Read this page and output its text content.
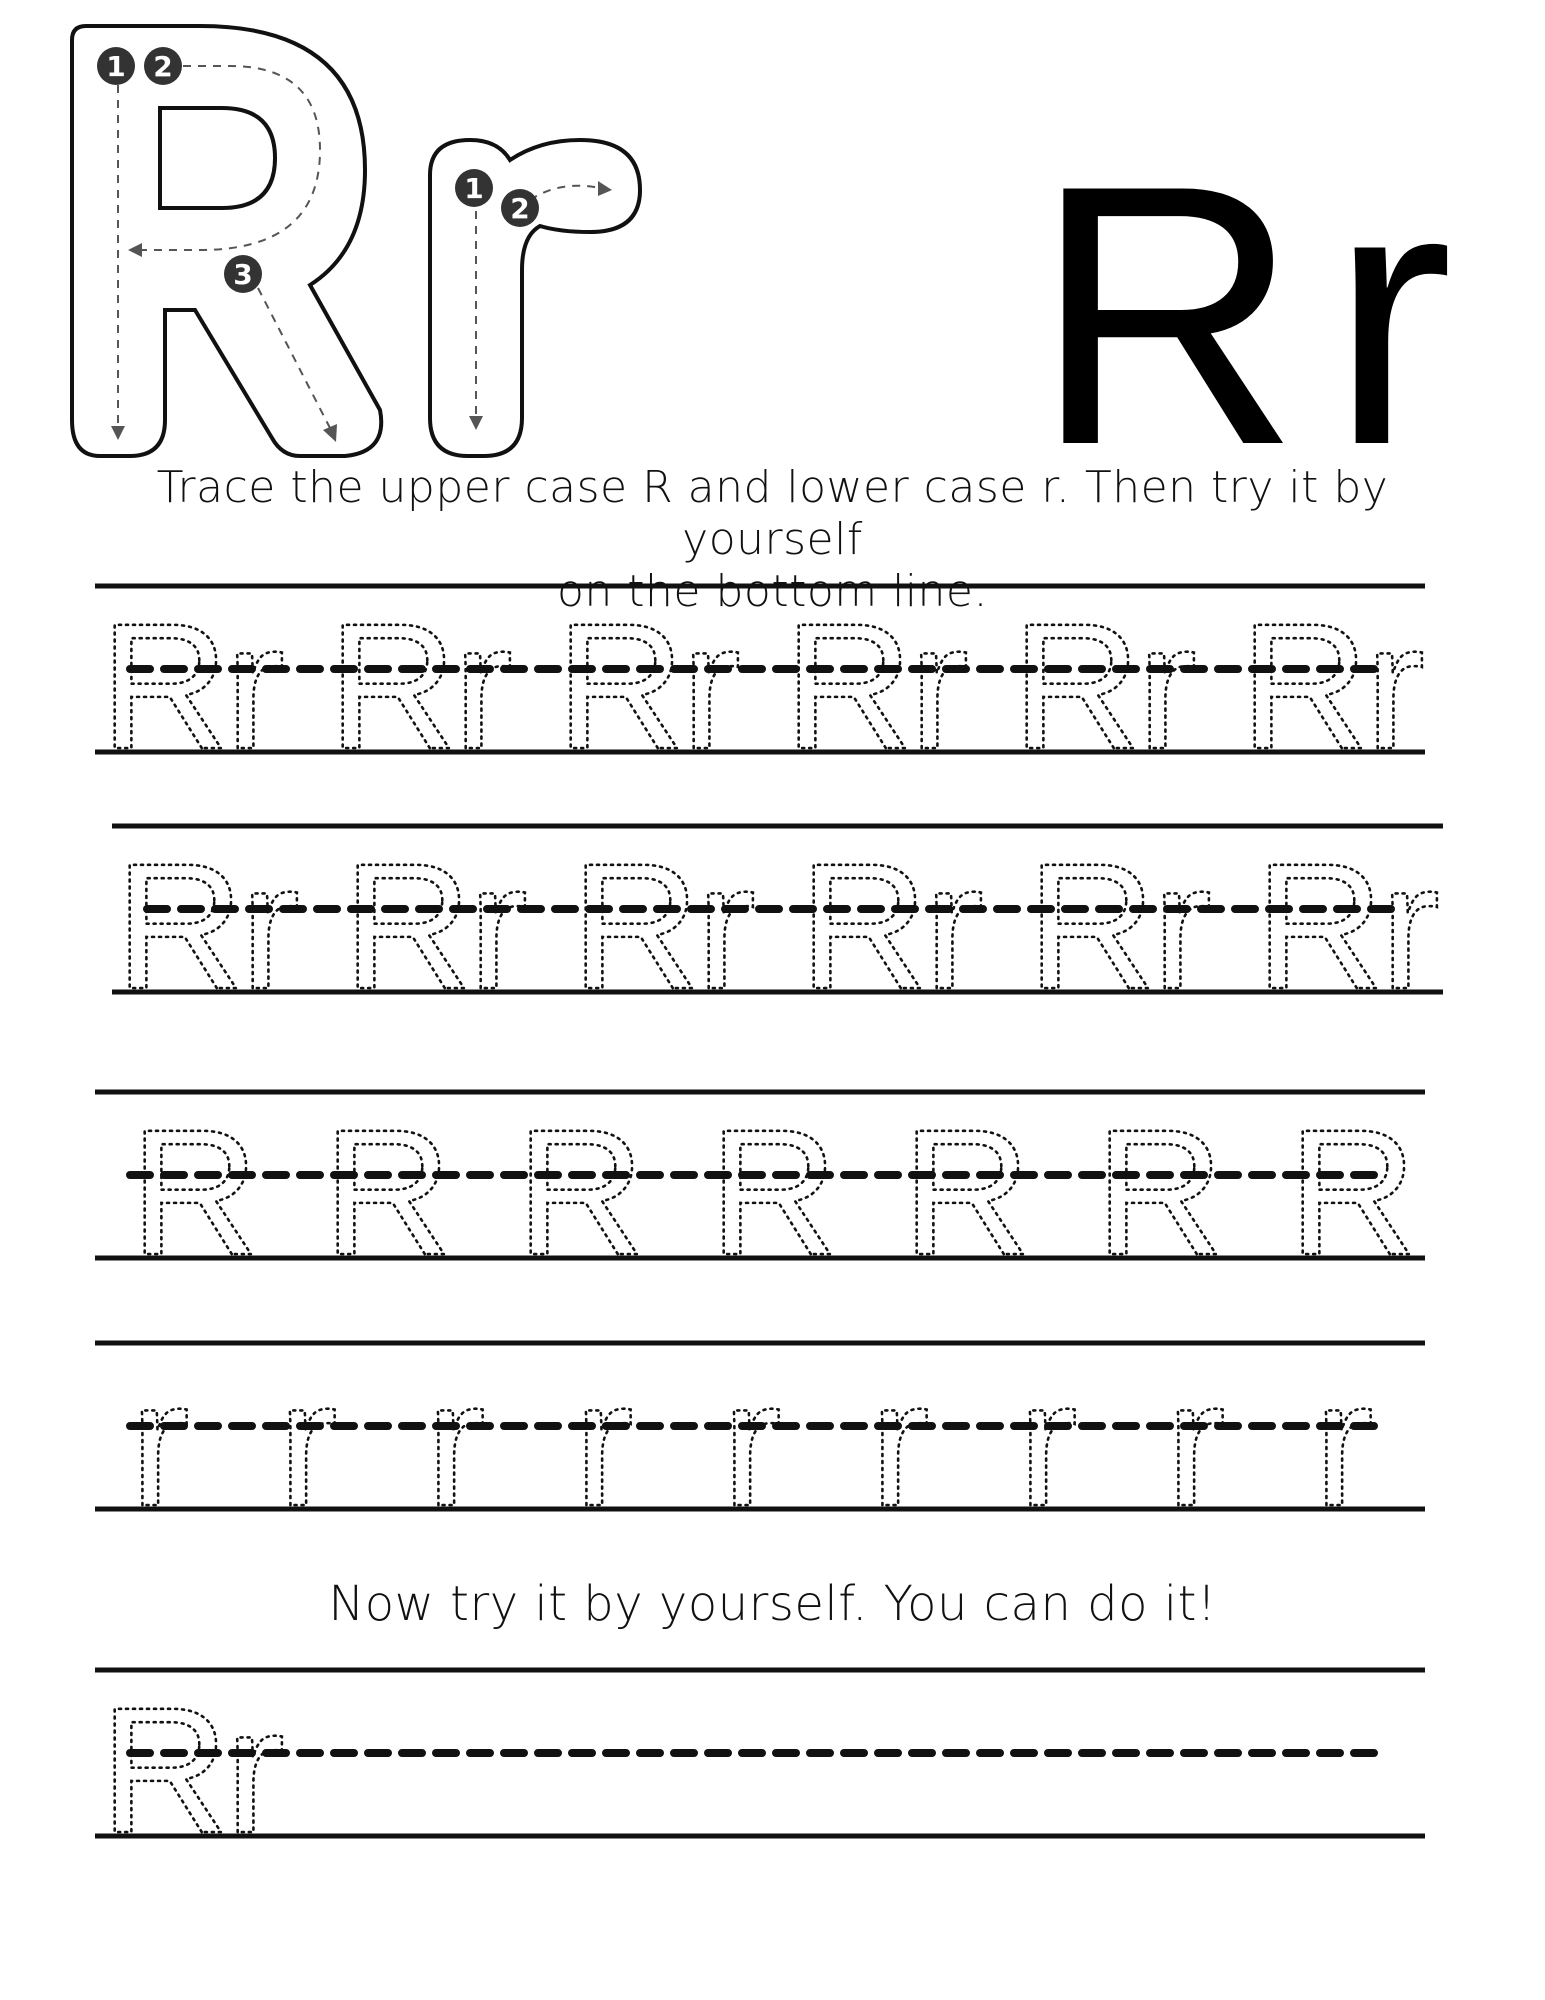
1 2
3
1
2 R r
Rr Rr Rr Rr Rr Rr
Rr Rr Rr Rr Rr Rr
R R R R R R R
r r r r r r r r r
Rr
Trace the upper case R and lower case r. Then try it by yourself
on the bottom line.
Now try it by yourself. You can do it!
